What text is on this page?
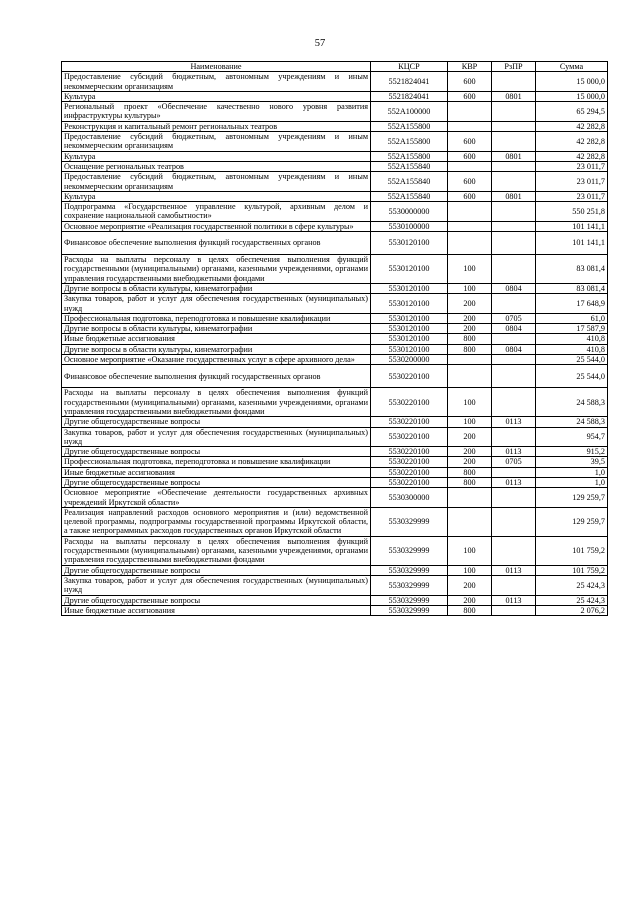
57
Наименование	КЦСР	КВР	РзПР	Сумма
Предоставление субсидий бюджетным, автономным учреждениям и иным некоммерческим организациям	5521824041	600		15 000,0
Культура	5521824041	600	0801	15 000,0
Региональный проект «Обеспечение качественно нового уровня развития инфраструктуры культуры»	552A100000			65 294,5
Реконструкция и капитальный ремонт региональных театров	552A155800			42 282,8
Предоставление субсидий бюджетным, автономным учреждениям и иным некоммерческим организациям	552A155800	600		42 282,8
Культура	552A155800	600	0801	42 282,8
Оснащение региональных театров	552A155840			23 011,7
Предоставление субсидий бюджетным, автономным учреждениям и иным некоммерческим организациям	552A155840	600		23 011,7
Культура	552A155840	600	0801	23 011,7
Подпрограмма «Государственное управление культурой, архивным делом и сохранение национальной самобытности»	5530000000			550 251,8
Основное мероприятие «Реализация государственной политики в сфере культуры»	5530100000			101 141,1
Финансовое обеспечение выполнения функций государственных органов	5530120100			101 141,1
Расходы на выплаты персоналу в целях обеспечения выполнения функций государственными (муниципальными) органами, казенными учреждениями, органами управления государственными внебюджетными фондами	5530120100	100		83 081,4
Другие вопросы в области культуры, кинематографии	5530120100	100	0804	83 081,4
Закупка товаров, работ и услуг для обеспечения государственных (муниципальных) нужд	5530120100	200		17 648,9
Профессиональная подготовка, переподготовка и повышение квалификации	5530120100	200	0705	61,0
Другие вопросы в области культуры, кинематографии	5530120100	200	0804	17 587,9
Иные бюджетные ассигнования	5530120100	800		410,8
Другие вопросы в области культуры, кинематографии	5530120100	800	0804	410,8
Основное мероприятие «Оказание государственных услуг в сфере архивного дела»	5530200000			25 544,0
Финансовое обеспечение выполнения функций государственных органов	5530220100			25 544,0
Расходы на выплаты персоналу в целях обеспечения выполнения функций государственными (муниципальными) органами, казенными учреждениями, органами управления государственными внебюджетными фондами	5530220100	100		24 588,3
Другие общегосударственные вопросы	5530220100	100	0113	24 588,3
Закупка товаров, работ и услуг для обеспечения государственных (муниципальных) нужд	5530220100	200		954,7
Другие общегосударственные вопросы	5530220100	200	0113	915,2
Профессиональная подготовка, переподготовка и повышение квалификации	5530220100	200	0705	39,5
Иные бюджетные ассигнования	5530220100	800		1,0
Другие общегосударственные вопросы	5530220100	800	0113	1,0
Основное мероприятие «Обеспечение деятельности государственных архивных учреждений Иркутской области»	5530300000			129 259,7
Реализация направлений расходов основного мероприятия и (или) ведомственной целевой программы, подпрограммы государственной программы Иркутской области, а также непрограммных расходов государственных органов Иркутской области	5530329999			129 259,7
Расходы на выплаты персоналу в целях обеспечения выполнения функций государственными (муниципальными) органами, казенными учреждениями, органами управления государственными внебюджетными фондами	5530329999	100		101 759,2
Другие общегосударственные вопросы	5530329999	100	0113	101 759,2
Закупка товаров, работ и услуг для обеспечения государственных (муниципальных) нужд	5530329999	200		25 424,3
Другие общегосударственные вопросы	5530329999	200	0113	25 424,3
Иные бюджетные ассигнования	5530329999	800		2 076,2
